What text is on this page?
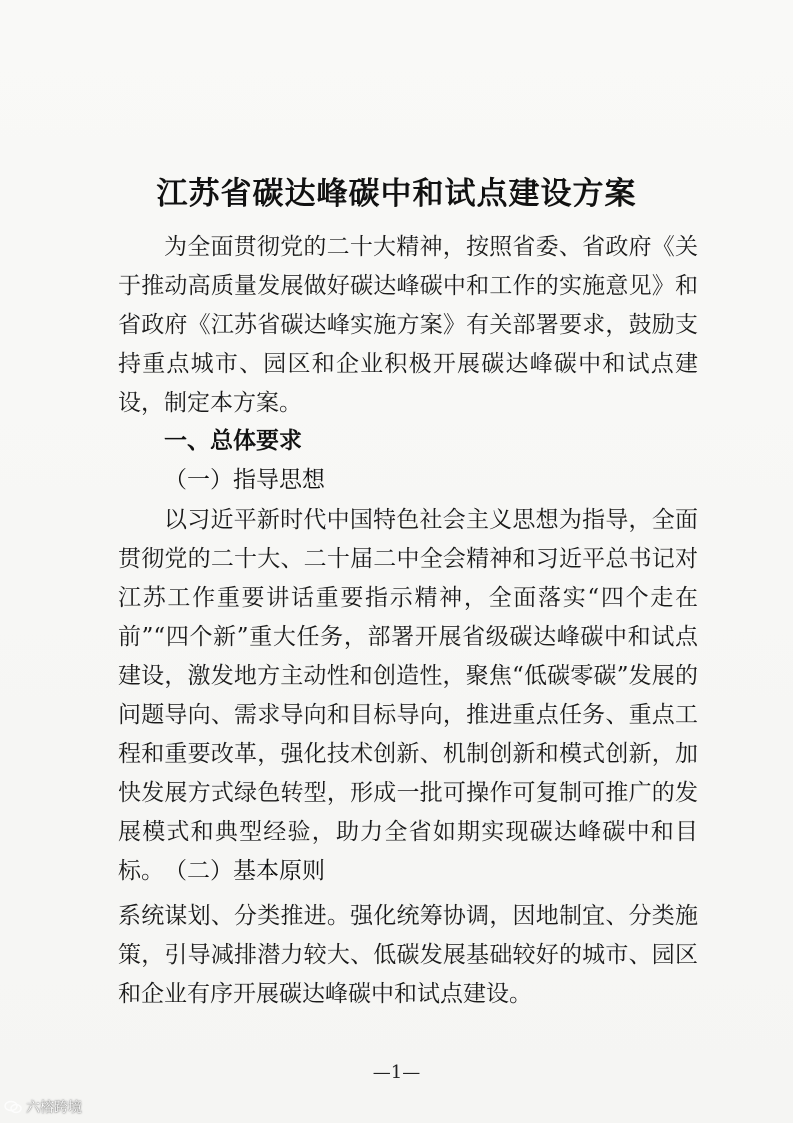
江苏省碳达峰碳中和试点建设方案
为全面贯彻党的二十大精神，按照省委、省政府《关于推动高质量发展做好碳达峰碳中和工作的实施意见》和省政府《江苏省碳达峰实施方案》有关部署要求，鼓励支持重点城市、园区和企业积极开展碳达峰碳中和试点建设，制定本方案。
一、总体要求
（一）指导思想
以习近平新时代中国特色社会主义思想为指导，全面贯彻党的二十大、二十届二中全会精神和习近平总书记对江苏工作重要讲话重要指示精神，全面落实“四个走在前”“四个新”重大任务，部署开展省级碳达峰碳中和试点建设，激发地方主动性和创造性，聚焦“低碳零碳”发展的问题导向、需求导向和目标导向，推进重点任务、重点工程和重要改革，强化技术创新、机制创新和模式创新，加快发展方式绿色转型，形成一批可操作可复制可推广的发展模式和典型经验，助力全省如期实现碳达峰碳中和目标。 （二）基本原则
系统谋划、分类推进。强化统筹协调，因地制宜、分类施策，引导减排潜力较大、低碳发展基础较好的城市、园区和企业有序开展碳达峰碳中和试点建设。
—1—
六榕跨境
